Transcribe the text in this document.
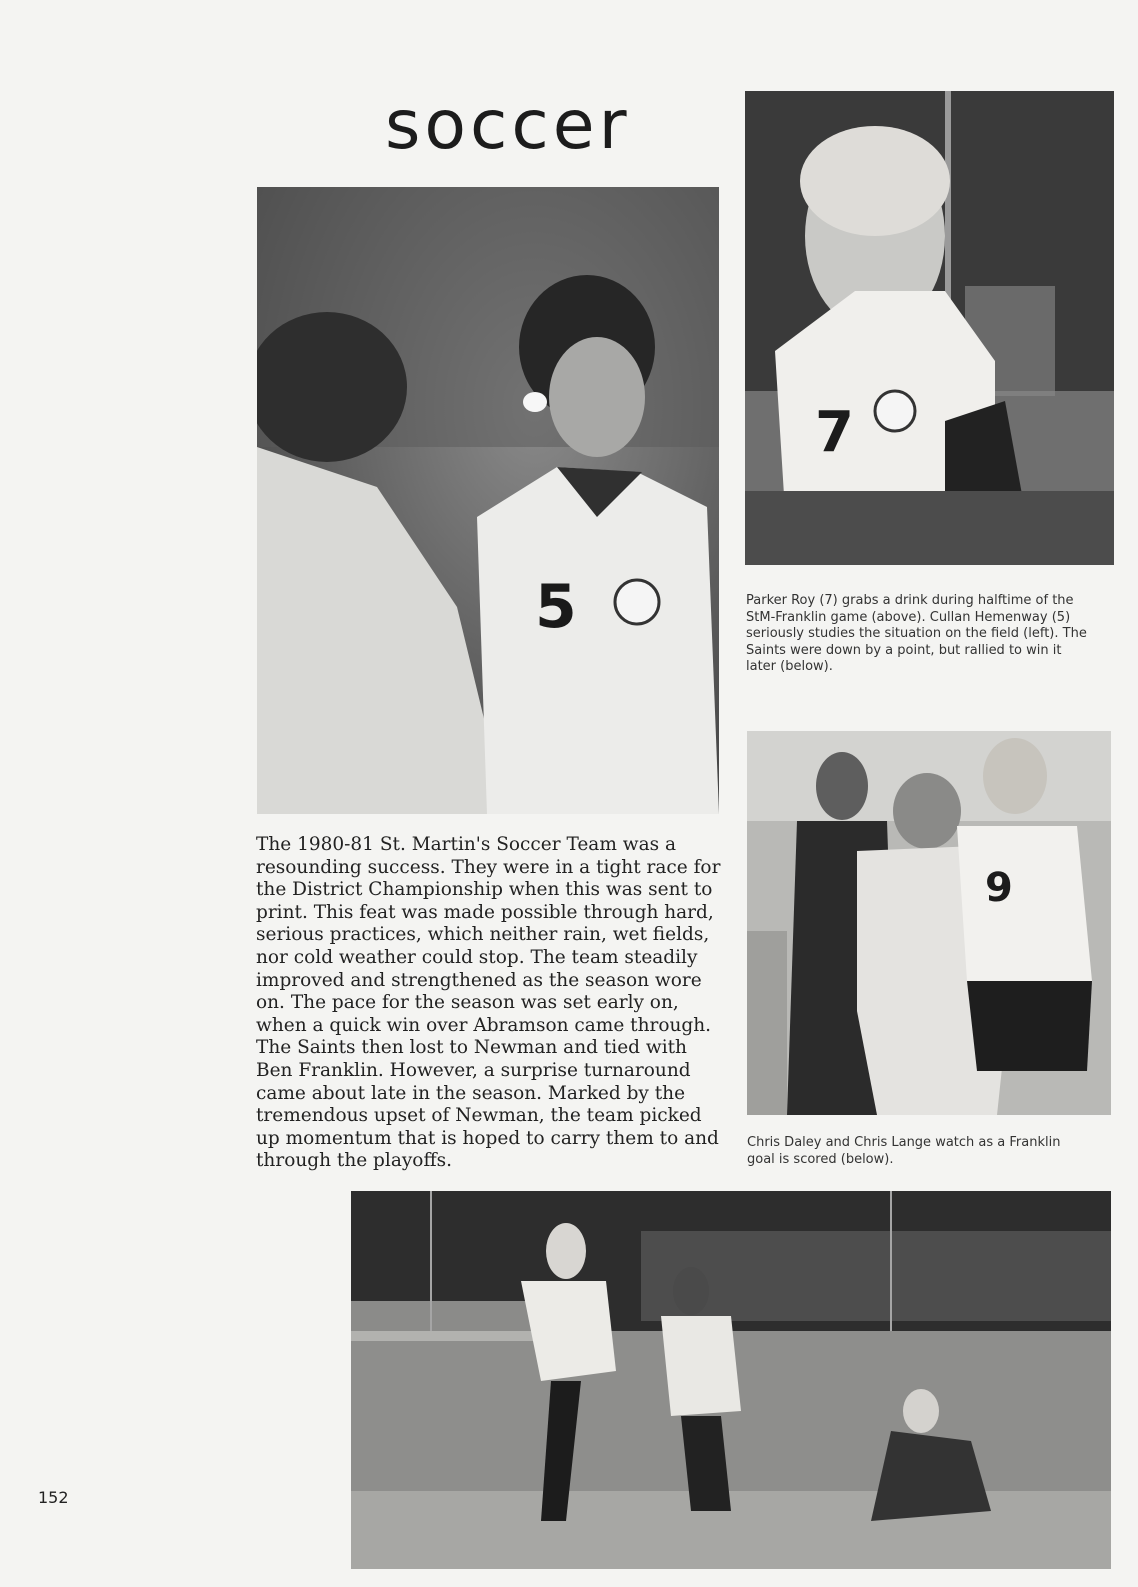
soccer
5
7

Parker Roy (7) grabs a drink during halftime of the StM-Franklin game (above). Cullan Hemenway (5) seriously studies the situation on the field (left). The Saints were down by a point, but rallied to win it later (below).

9

Chris Daley and Chris Lange watch as a Franklin goal is scored (below).

The 1980-81 St. Martin's Soccer Team was a resounding success. They were in a tight race for the District Championship when this was sent to print. This feat was made possible through hard, serious practices, which neither rain, wet fields, nor cold weather could stop. The team steadily improved and strengthened as the season wore on. The pace for the season was set early on, when a quick win over Abramson came through. The Saints then lost to Newman and tied with Ben Franklin. However, a surprise turnaround came about late in the season. Marked by the tremendous upset of Newman, the team picked up momentum that is hoped to carry them to and through the playoffs.

152
